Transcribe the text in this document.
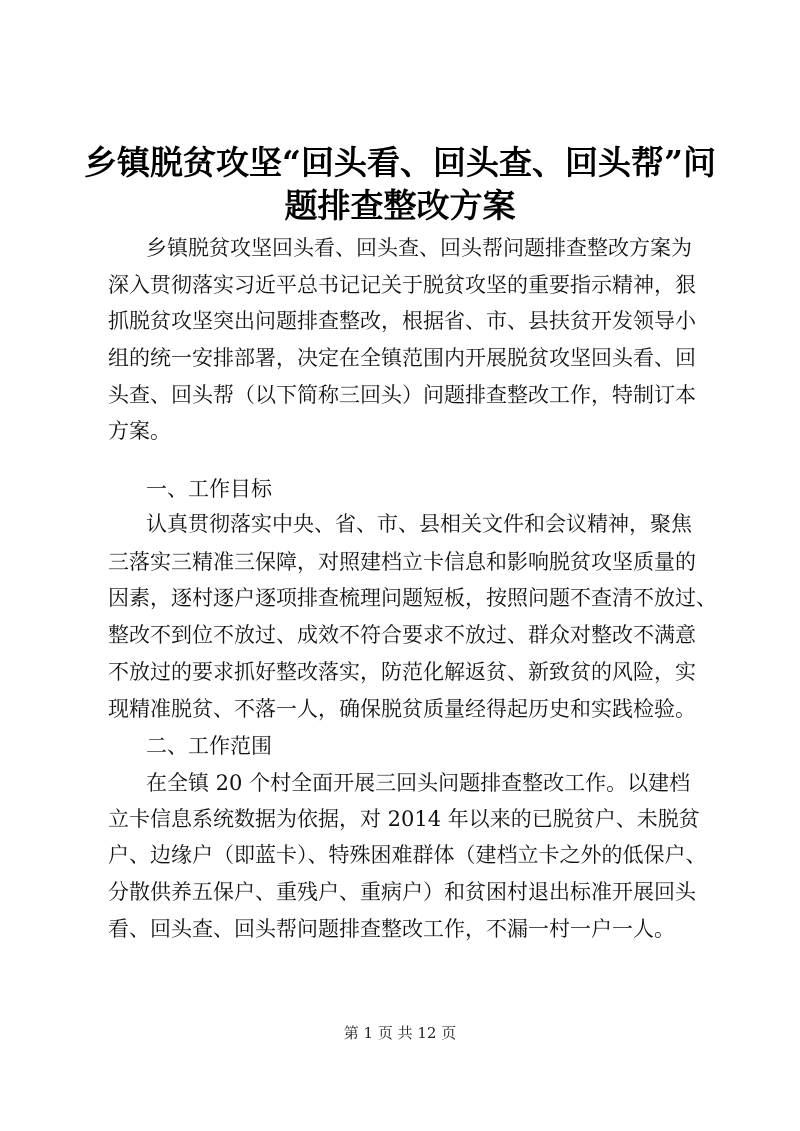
乡镇脱贫攻坚“回头看、回头查、回头帮”问
题排查整改方案
乡镇脱贫攻坚回头看、回头查、回头帮问题排查整改方案为
深入贯彻落实习近平总书记记关于脱贫攻坚的重要指示精神，狠
抓脱贫攻坚突出问题排查整改，根据省、市、县扶贫开发领导小
组的统一安排部署，决定在全镇范围内开展脱贫攻坚回头看、回
头查、回头帮（以下简称三回头）问题排查整改工作，特制订本
方案。
一、工作目标
认真贯彻落实中央、省、市、县相关文件和会议精神，聚焦
三落实三精准三保障，对照建档立卡信息和影响脱贫攻坚质量的
因素，逐村逐户逐项排查梳理问题短板，按照问题不查清不放过、
整改不到位不放过、成效不符合要求不放过、群众对整改不满意
不放过的要求抓好整改落实，防范化解返贫、新致贫的风险，实
现精准脱贫、不落一人，确保脱贫质量经得起历史和实践检验。
二、工作范围
在全镇 20 个村全面开展三回头问题排查整改工作。以建档
立卡信息系统数据为依据，对 2014 年以来的已脱贫户、未脱贫
户、边缘户（即蓝卡）、特殊困难群体（建档立卡之外的低保户、
分散供养五保户、重残户、重病户）和贫困村退出标准开展回头
看、回头查、回头帮问题排查整改工作，不漏一村一户一人。
第 1 页 共 12 页
